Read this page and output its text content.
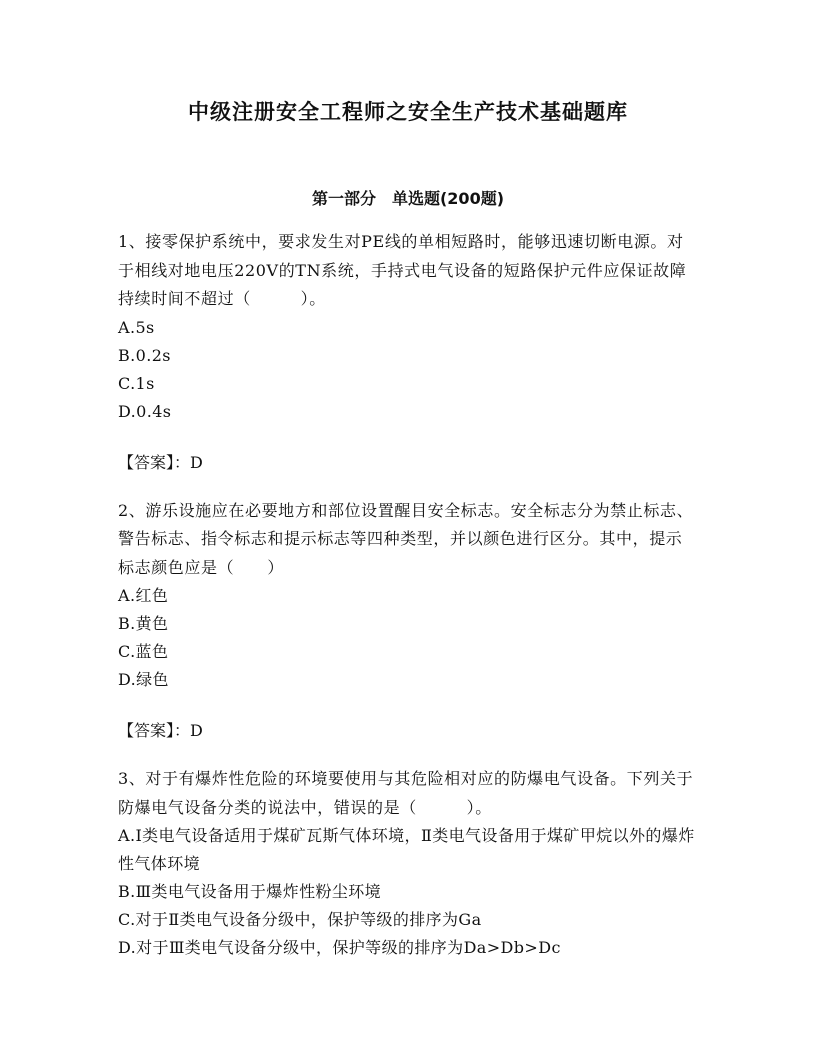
中级注册安全工程师之安全生产技术基础题库
第一部分　单选题(200题)

1、接零保护系统中，要求发生对PE线的单相短路时，能够迅速切断电源。对于相线对地电压220V的TN系统，手持式电气设备的短路保护元件应保证故障持续时间不超过（　　　）。

A.5s

B.0.2s

C.1s

D.0.4s

【答案】：D

2、游乐设施应在必要地方和部位设置醒目安全标志。安全标志分为禁止标志、警告标志、指令标志和提示标志等四种类型，并以颜色进行区分。其中，提示标志颜色应是（　　）

A.红色

B.黄色

C.蓝色

D.绿色

【答案】：D

3、对于有爆炸性危险的环境要使用与其危险相对应的防爆电气设备。下列关于防爆电气设备分类的说法中，错误的是（　　　）。

A.Ⅰ类电气设备适用于煤矿瓦斯气体环境，Ⅱ类电气设备用于煤矿甲烷以外的爆炸性气体环境

B.Ⅲ类电气设备用于爆炸性粉尘环境

C.对于Ⅱ类电气设备分级中，保护等级的排序为Ga

D.对于Ⅲ类电气设备分级中，保护等级的排序为Da>Db>Dc
